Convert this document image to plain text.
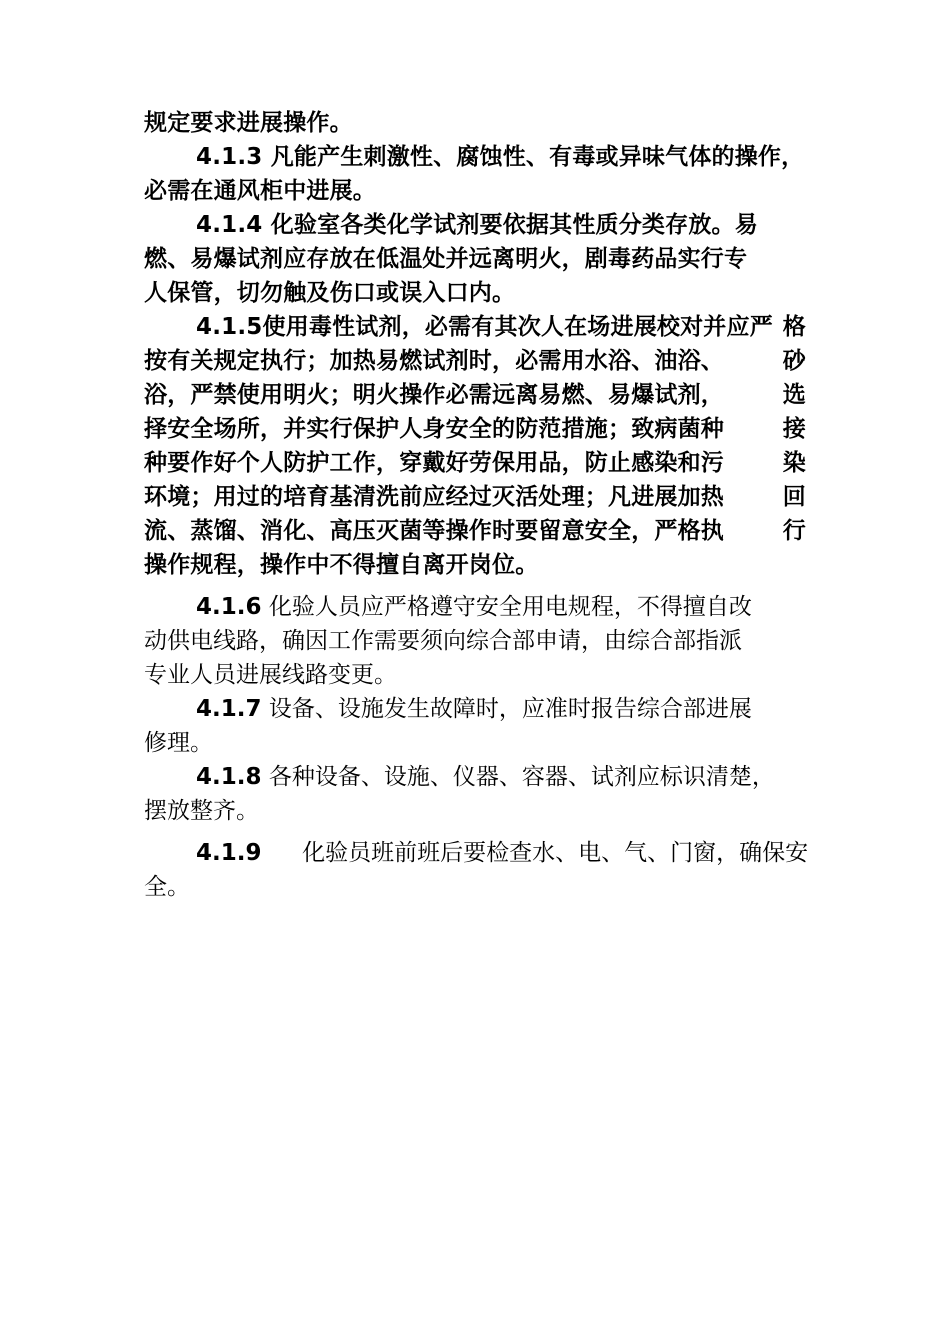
规定要求进展操作。
4.1.3 凡能产生刺激性、腐蚀性、有毒或异味气体的操作，
必需在通风柜中进展。
4.1.4 化验室各类化学试剂要依据其性质分类存放。易
燃、易爆试剂应存放在低温处并远离明火，剧毒药品实行专
人保管，切勿触及伤口或误入口内。
4.1.5使用毒性试剂，必需有其次人在场进展校对并应严 格
按有关规定执行；加热易燃试剂时，必需用水浴、油浴、	砂
浴，严禁使用明火；明火操作必需远离易燃、易爆试剂，	选
择安全场所，并实行保护人身安全的防范措施；致病菌种	接
种要作好个人防护工作，穿戴好劳保用品，防止感染和污	染
环境；用过的培育基清洗前应经过灭活处理；凡进展加热	回
流、蒸馏、消化、高压灭菌等操作时要留意安全，严格执	行
操作规程，操作中不得擅自离开岗位。
4.1.6 化验人员应严格遵守安全用电规程，不得擅自改
动供电线路，确因工作需要须向综合部申请，由综合部指派
专业人员进展线路变更。
4.1.7 设备、设施发生故障时，应准时报告综合部进展
修理。
4.1.8 各种设备、设施、仪器、容器、试剂应标识清楚，
摆放整齐。
4.1.9 化验员班前班后要检查水、电、气、门窗，确保安
全。
